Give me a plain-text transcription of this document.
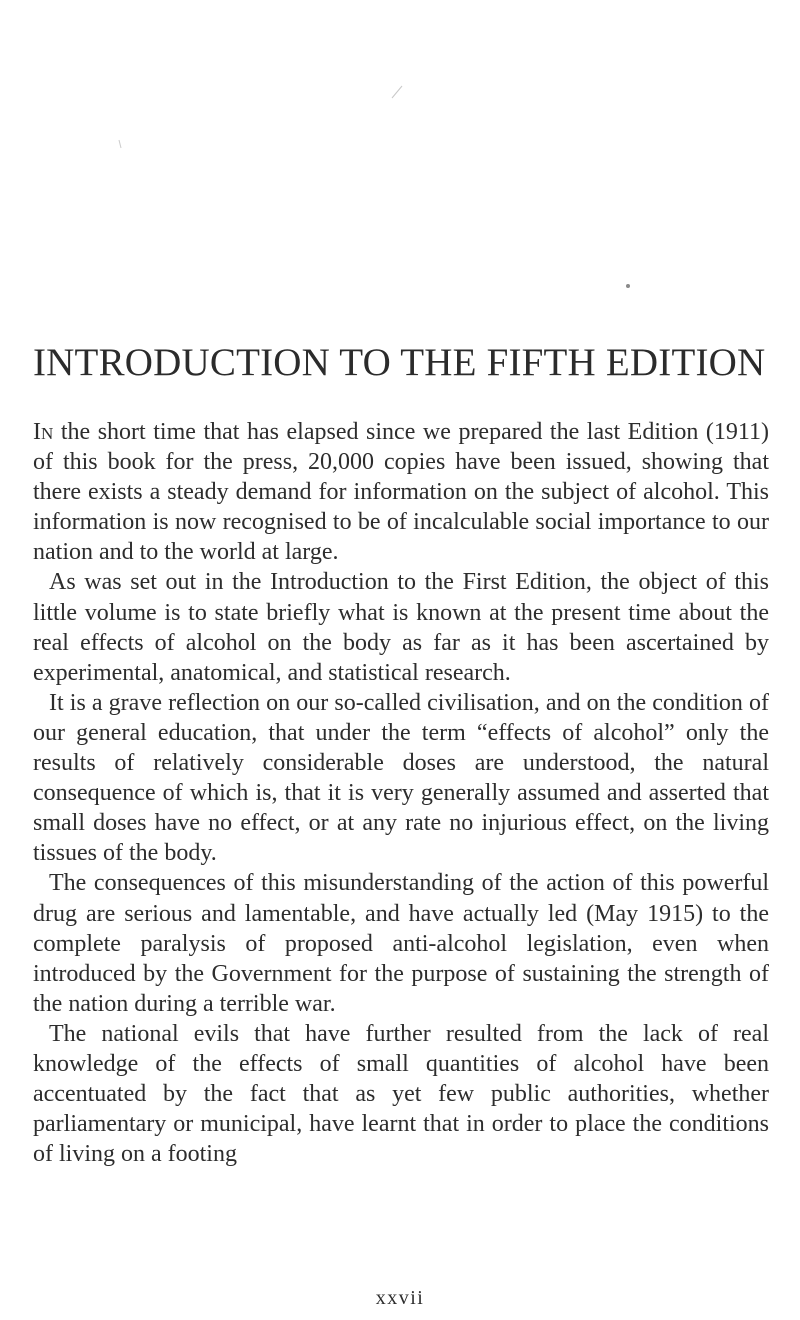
INTRODUCTION TO THE FIFTH EDITION

In the short time that has elapsed since we prepared the last Edition (1911) of this book for the press, 20,000 copies have been issued, showing that there exists a steady demand for information on the subject of alcohol. This information is now recognised to be of incalculable social importance to our nation and to the world at large.

As was set out in the Introduction to the First Edition, the object of this little volume is to state briefly what is known at the present time about the real effects of alcohol on the body as far as it has been ascertained by experimental, anatomical, and statistical research.

It is a grave reflection on our so-called civilisation, and on the condition of our general education, that under the term “effects of alcohol” only the results of relatively considerable doses are understood, the natural consequence of which is, that it is very generally assumed and asserted that small doses have no effect, or at any rate no injurious effect, on the living tissues of the body.

The consequences of this misunderstanding of the action of this powerful drug are serious and lamentable, and have actually led (May 1915) to the complete paralysis of proposed anti-alcohol legislation, even when introduced by the Government for the purpose of sustaining the strength of the nation during a terrible war.

The national evils that have further resulted from the lack of real knowledge of the effects of small quantities of alcohol have been accentuated by the fact that as yet few public authorities, whether parliamentary or municipal, have learnt that in order to place the conditions of living on a footing

xxvii
